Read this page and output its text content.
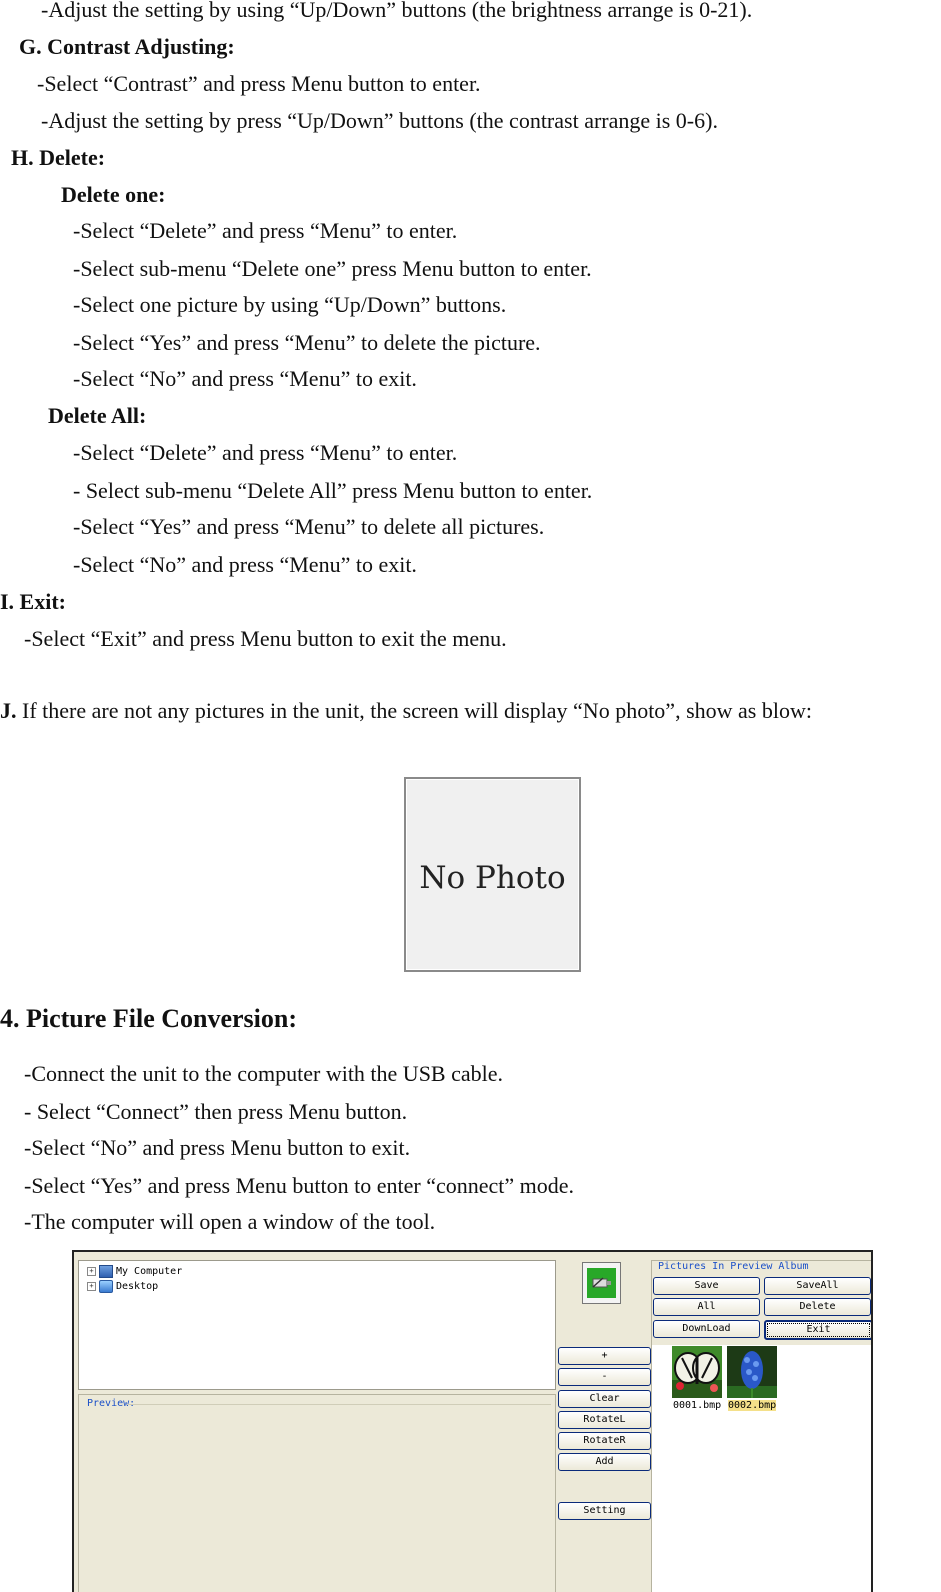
-Adjust the setting by using “Up/Down” buttons (the brightness arrange is 0-21).
G. Contrast Adjusting:
-Select “Contrast” and press Menu button to enter.
-Adjust the setting by press “Up/Down” buttons (the contrast arrange is 0-6).
H. Delete:
Delete one:
-Select “Delete” and press “Menu” to enter.
-Select sub-menu “Delete one” press Menu button to enter.
-Select one picture by using “Up/Down” buttons.
-Select “Yes” and press “Menu” to delete the picture.
-Select “No” and press “Menu” to exit.
Delete All:
-Select “Delete” and press “Menu” to enter.
- Select sub-menu “Delete All” press Menu button to enter.
-Select “Yes” and press “Menu” to delete all pictures.
-Select “No” and press “Menu” to exit.
I. Exit:
-Select “Exit” and press Menu button to exit the menu.
J. If there are not any pictures in the unit, the screen will display “No photo”, show as blow:
No Photo
4. Picture File Conversion:
-Connect the unit to the computer with the USB cable.
- Select “Connect” then press Menu button.
-Select “No” and press Menu button to exit.
-Select “Yes” and press Menu button to enter “connect” mode.
-The computer will open a window of the tool.
+ My Computer
+ Desktop
Preview:
+
-
Clear
RotateL
RotateR
Add
Setting
Pictures In Preview Album
Save	SaveAll
All	Delete
DownLoad	Exit
0001.bmp 0002.bmp
